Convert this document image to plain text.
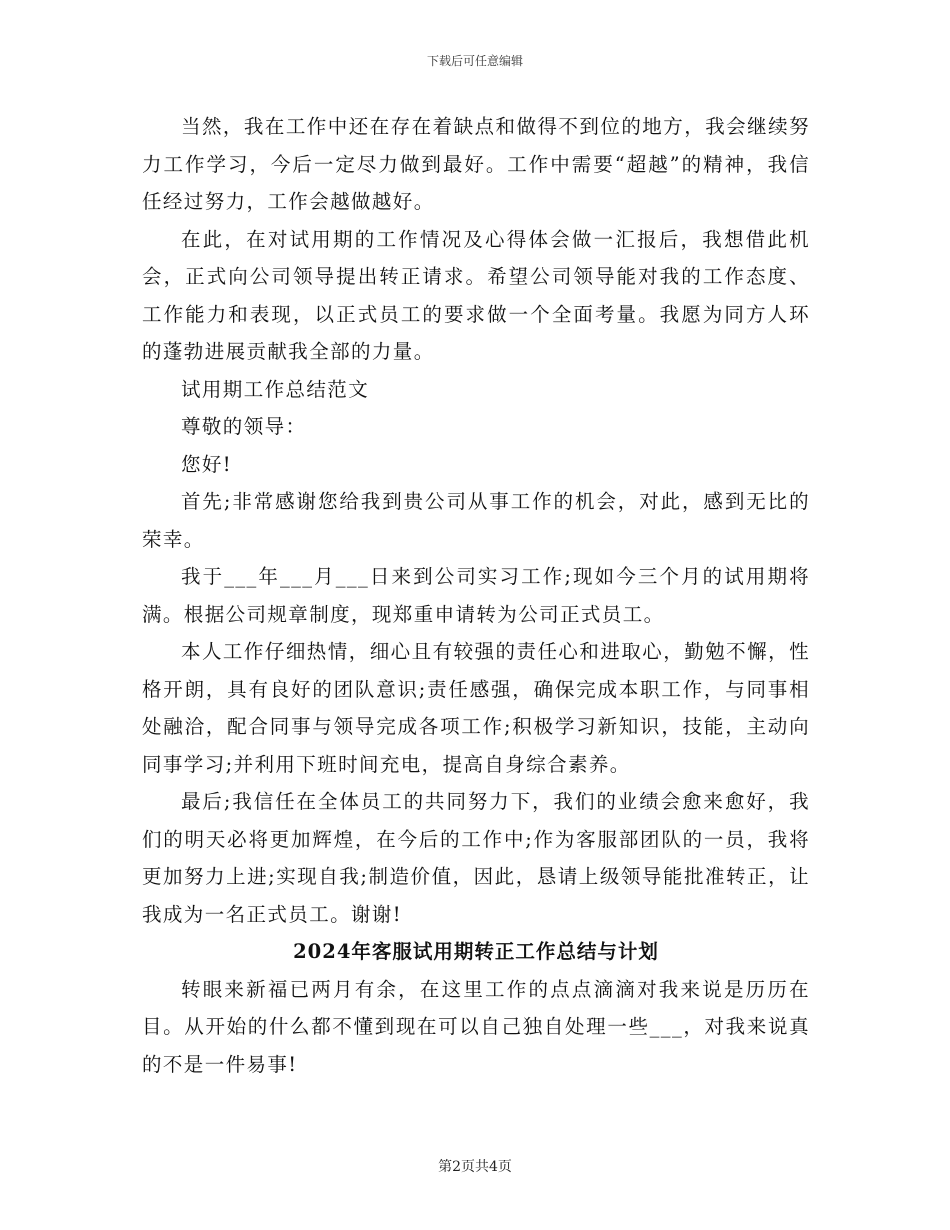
下载后可任意编辑

当然，我在工作中还在存在着缺点和做得不到位的地方，我会继续努力工作学习，今后一定尽力做到最好。工作中需要“超越”的精神，我信任经过努力，工作会越做越好。

在此，在对试用期的工作情况及心得体会做一汇报后，我想借此机会，正式向公司领导提出转正请求。希望公司领导能对我的工作态度、工作能力和表现，以正式员工的要求做一个全面考量。我愿为同方人环的蓬勃进展贡献我全部的力量。

试用期工作总结范文

尊敬的领导：

您好!

首先;非常感谢您给我到贵公司从事工作的机会，对此，感到无比的荣幸。

我于___年___月___日来到公司实习工作;现如今三个月的试用期将满。根据公司规章制度，现郑重申请转为公司正式员工。

本人工作仔细热情，细心且有较强的责任心和进取心，勤勉不懈，性格开朗，具有良好的团队意识;责任感强，确保完成本职工作，与同事相处融洽，配合同事与领导完成各项工作;积极学习新知识，技能，主动向同事学习;并利用下班时间充电，提高自身综合素养。

最后;我信任在全体员工的共同努力下，我们的业绩会愈来愈好，我们的明天必将更加辉煌，在今后的工作中;作为客服部团队的一员，我将更加努力上进;实现自我;制造价值，因此，恳请上级领导能批准转正，让我成为一名正式员工。谢谢!

2024年客服试用期转正工作总结与计划

转眼来新福已两月有余，在这里工作的点点滴滴对我来说是历历在目。从开始的什么都不懂到现在可以自己独自处理一些___，对我来说真的不是一件易事!

第2页共4页
